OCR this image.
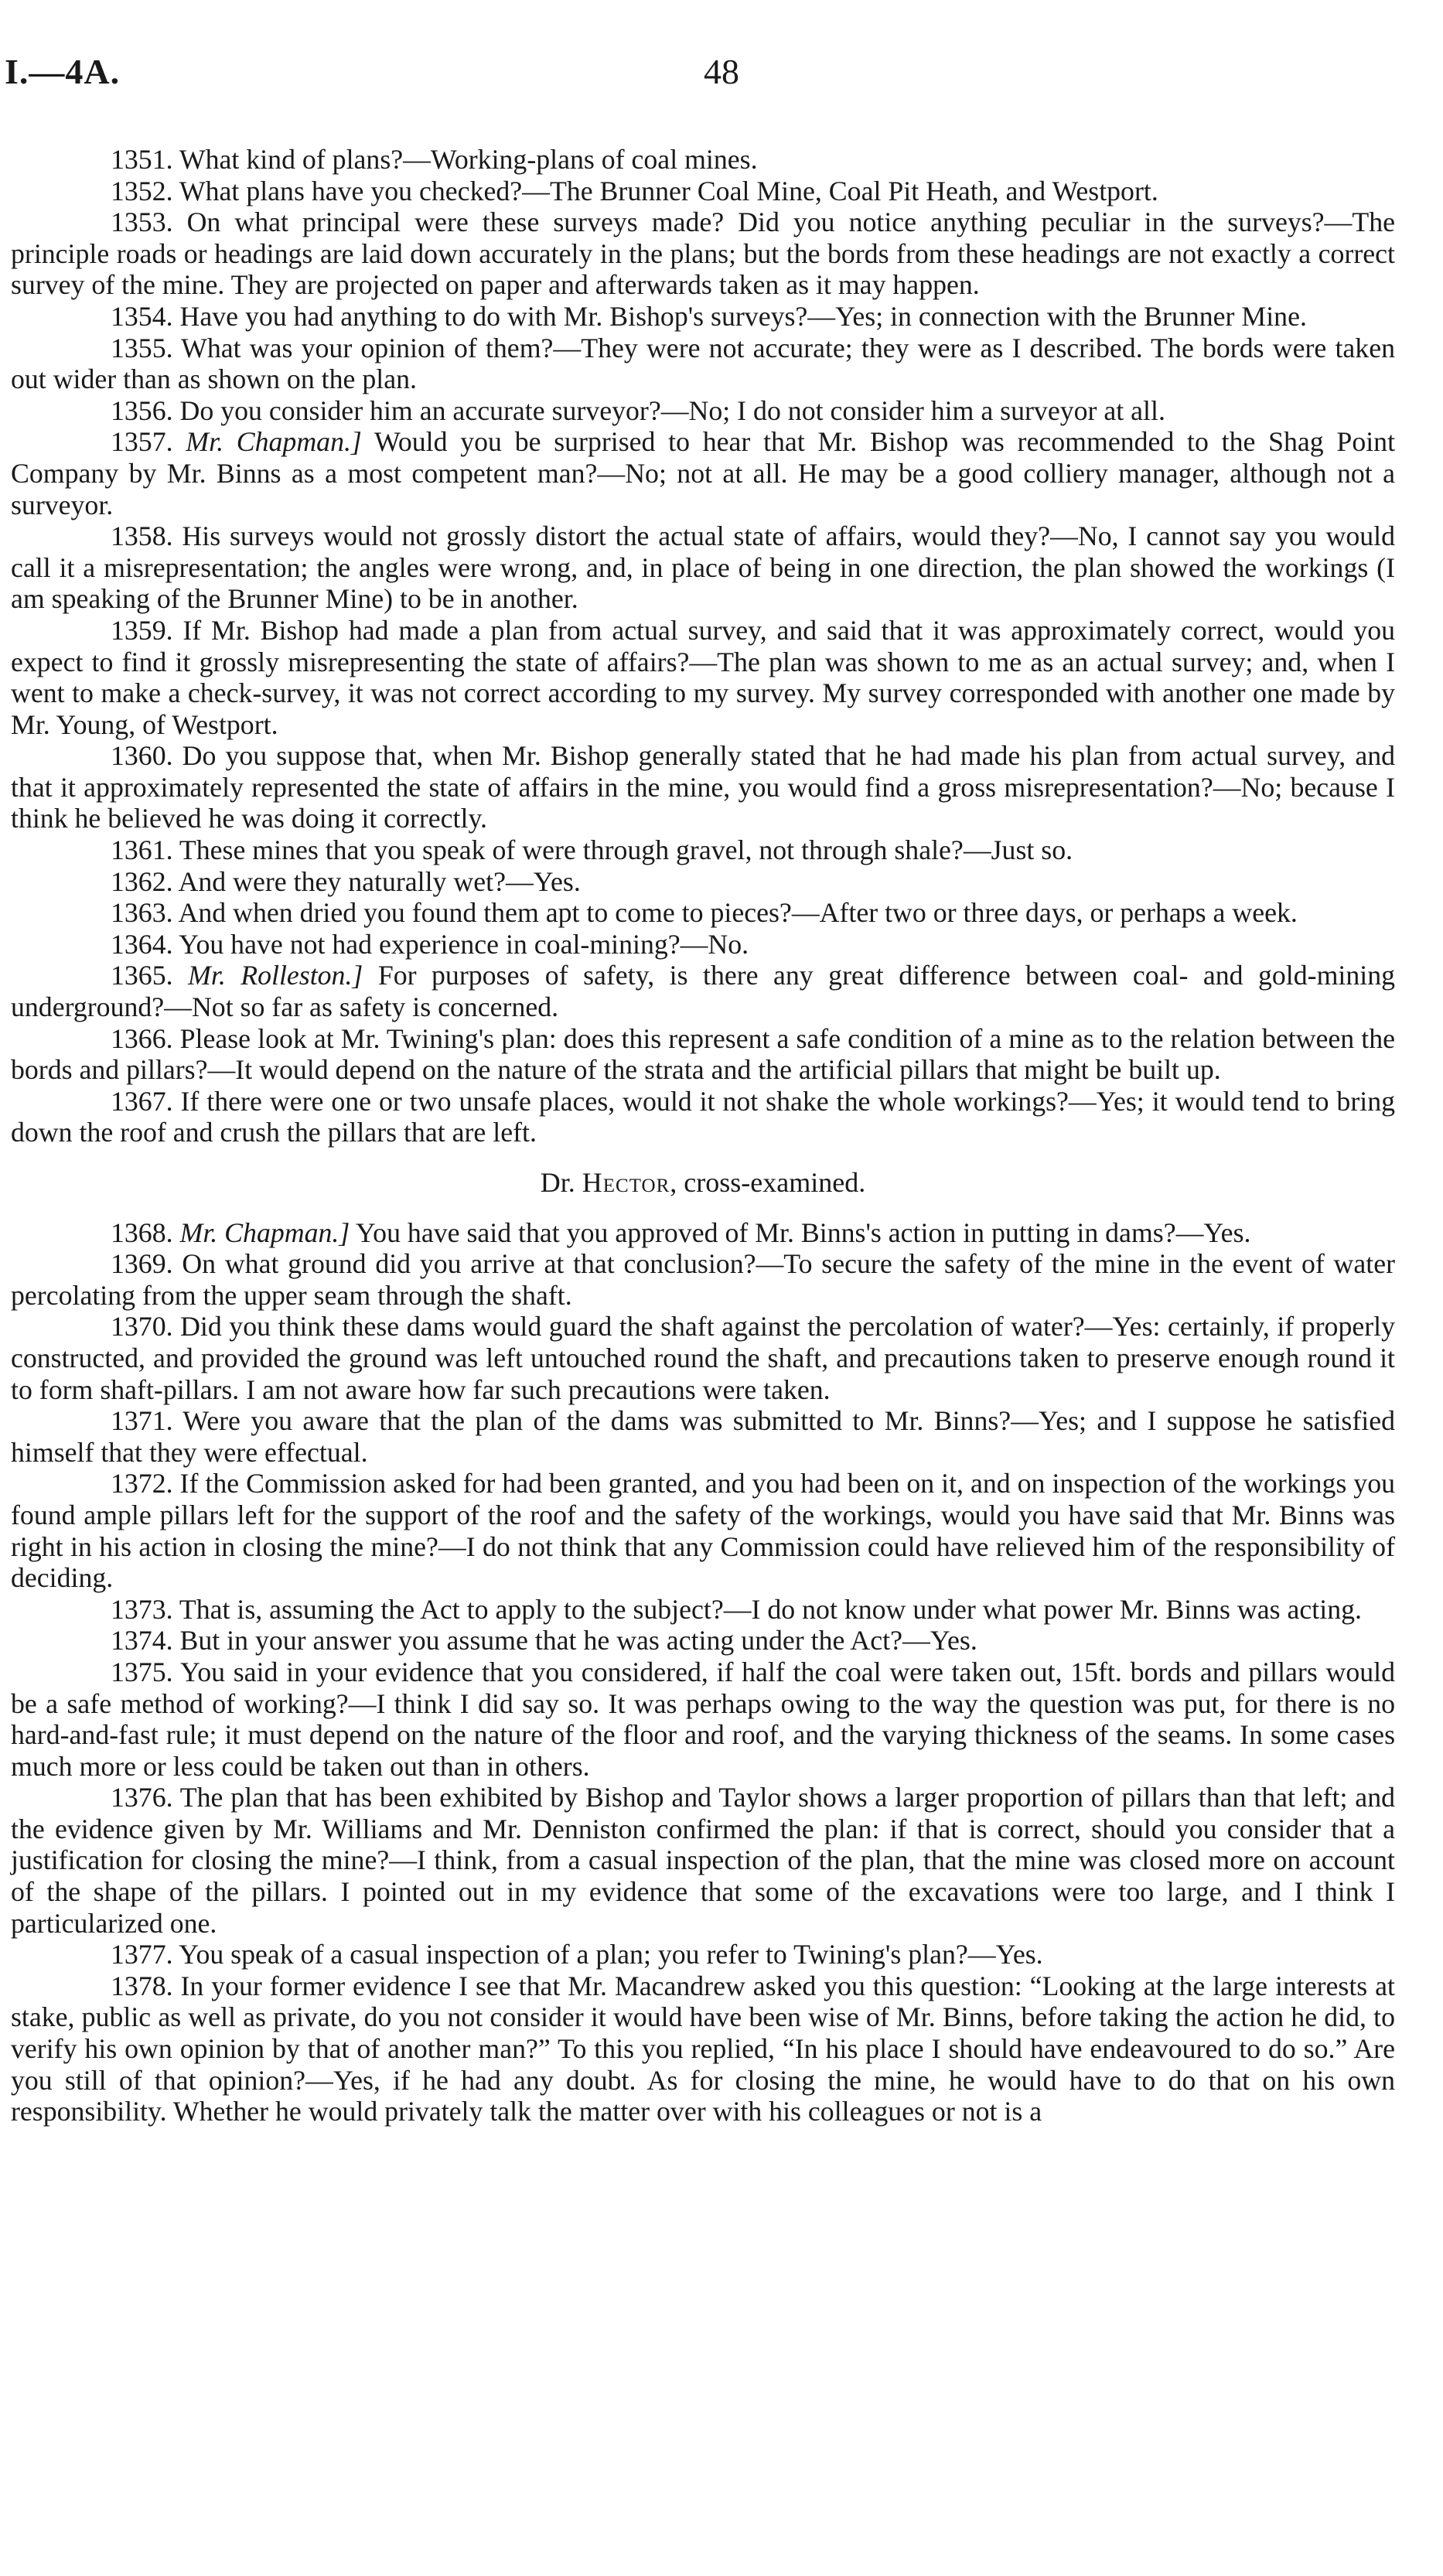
I.—4A.	48

1351. What kind of plans?—Working-plans of coal mines.

1352. What plans have you checked?—The Brunner Coal Mine, Coal Pit Heath, and Westport.

1353. On what principal were these surveys made? Did you notice anything peculiar in the surveys?—The principle roads or headings are laid down accurately in the plans; but the bords from these headings are not exactly a correct survey of the mine. They are projected on paper and afterwards taken as it may happen.

1354. Have you had anything to do with Mr. Bishop's surveys?—Yes; in connection with the Brunner Mine.

1355. What was your opinion of them?—They were not accurate; they were as I described. The bords were taken out wider than as shown on the plan.

1356. Do you consider him an accurate surveyor?—No; I do not consider him a surveyor at all.

1357. Mr. Chapman.] Would you be surprised to hear that Mr. Bishop was recommended to the Shag Point Company by Mr. Binns as a most competent man?—No; not at all. He may be a good colliery manager, although not a surveyor.

1358. His surveys would not grossly distort the actual state of affairs, would they?—No, I cannot say you would call it a misrepresentation; the angles were wrong, and, in place of being in one direction, the plan showed the workings (I am speaking of the Brunner Mine) to be in another.

1359. If Mr. Bishop had made a plan from actual survey, and said that it was approximately correct, would you expect to find it grossly misrepresenting the state of affairs?—The plan was shown to me as an actual survey; and, when I went to make a check-survey, it was not correct according to my survey. My survey corresponded with another one made by Mr. Young, of Westport.

1360. Do you suppose that, when Mr. Bishop generally stated that he had made his plan from actual survey, and that it approximately represented the state of affairs in the mine, you would find a gross misrepresentation?—No; because I think he believed he was doing it correctly.

1361. These mines that you speak of were through gravel, not through shale?—Just so.

1362. And were they naturally wet?—Yes.

1363. And when dried you found them apt to come to pieces?—After two or three days, or perhaps a week.

1364. You have not had experience in coal-mining?—No.

1365. Mr. Rolleston.] For purposes of safety, is there any great difference between coal- and gold-mining underground?—Not so far as safety is concerned.

1366. Please look at Mr. Twining's plan: does this represent a safe condition of a mine as to the relation between the bords and pillars?—It would depend on the nature of the strata and the artificial pillars that might be built up.

1367. If there were one or two unsafe places, would it not shake the whole workings?—Yes; it would tend to bring down the roof and crush the pillars that are left.

Dr. Hector, cross-examined.

1368. Mr. Chapman.] You have said that you approved of Mr. Binns's action in putting in dams?—Yes.

1369. On what ground did you arrive at that conclusion?—To secure the safety of the mine in the event of water percolating from the upper seam through the shaft.

1370. Did you think these dams would guard the shaft against the percolation of water?—Yes: certainly, if properly constructed, and provided the ground was left untouched round the shaft, and precautions taken to preserve enough round it to form shaft-pillars. I am not aware how far such precautions were taken.

1371. Were you aware that the plan of the dams was submitted to Mr. Binns?—Yes; and I suppose he satisfied himself that they were effectual.

1372. If the Commission asked for had been granted, and you had been on it, and on inspection of the workings you found ample pillars left for the support of the roof and the safety of the workings, would you have said that Mr. Binns was right in his action in closing the mine?—I do not think that any Commission could have relieved him of the responsibility of deciding.

1373. That is, assuming the Act to apply to the subject?—I do not know under what power Mr. Binns was acting.

1374. But in your answer you assume that he was acting under the Act?—Yes.

1375. You said in your evidence that you considered, if half the coal were taken out, 15ft. bords and pillars would be a safe method of working?—I think I did say so. It was perhaps owing to the way the question was put, for there is no hard-and-fast rule; it must depend on the nature of the floor and roof, and the varying thickness of the seams. In some cases much more or less could be taken out than in others.

1376. The plan that has been exhibited by Bishop and Taylor shows a larger proportion of pillars than that left; and the evidence given by Mr. Williams and Mr. Denniston confirmed the plan: if that is correct, should you consider that a justification for closing the mine?—I think, from a casual inspection of the plan, that the mine was closed more on account of the shape of the pillars. I pointed out in my evidence that some of the excavations were too large, and I think I particularized one.

1377. You speak of a casual inspection of a plan; you refer to Twining's plan?—Yes.

1378. In your former evidence I see that Mr. Macandrew asked you this question: “Looking at the large interests at stake, public as well as private, do you not consider it would have been wise of Mr. Binns, before taking the action he did, to verify his own opinion by that of another man?” To this you replied, “In his place I should have endeavoured to do so.” Are you still of that opinion?—Yes, if he had any doubt. As for closing the mine, he would have to do that on his own responsibility. Whether he would privately talk the matter over with his colleagues or not is a
